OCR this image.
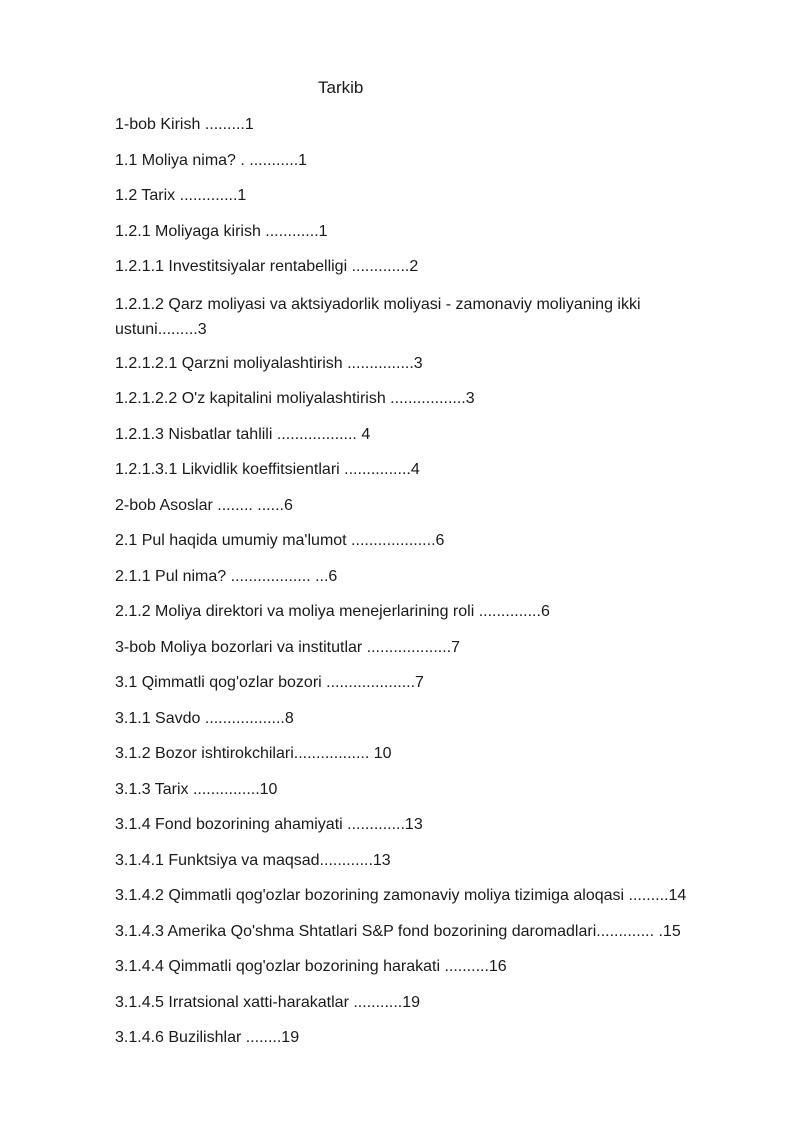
Tarkib
1-bob Kirish .........1
1.1 Moliya nima? . ...........1
1.2 Tarix .............1
1.2.1 Moliyaga kirish ............1
1.2.1.1 Investitsiyalar rentabelligi .............2
1.2.1.2 Qarz moliyasi va aktsiyadorlik moliyasi - zamonaviy moliyaning ikki ustuni.........3
1.2.1.2.1 Qarzni moliyalashtirish ...............3
1.2.1.2.2 O'z kapitalini moliyalashtirish .................3
1.2.1.3 Nisbatlar tahlili .................. 4
1.2.1.3.1 Likvidlik koeffitsientlari ...............4
2-bob Asoslar ........ ......6
2.1 Pul haqida umumiy ma'lumot ...................6
2.1.1 Pul nima? .................. ...6
2.1.2 Moliya direktori va moliya menejerlarining roli ..............6
3-bob Moliya bozorlari va institutlar ...................7
3.1 Qimmatli qog'ozlar bozori ....................7
3.1.1 Savdo ..................8
3.1.2 Bozor ishtirokchilari................. 10
3.1.3 Tarix ...............10
3.1.4 Fond bozorining ahamiyati .............13
3.1.4.1 Funktsiya va maqsad............13
3.1.4.2 Qimmatli qog'ozlar bozorining zamonaviy moliya tizimiga aloqasi .........14
3.1.4.3 Amerika Qo'shma Shtatlari S&P fond bozorining daromadlari............. .15
3.1.4.4 Qimmatli qog'ozlar bozorining harakati ..........16
3.1.4.5 Irratsional xatti-harakatlar ...........19
3.1.4.6 Buzilishlar ........19
